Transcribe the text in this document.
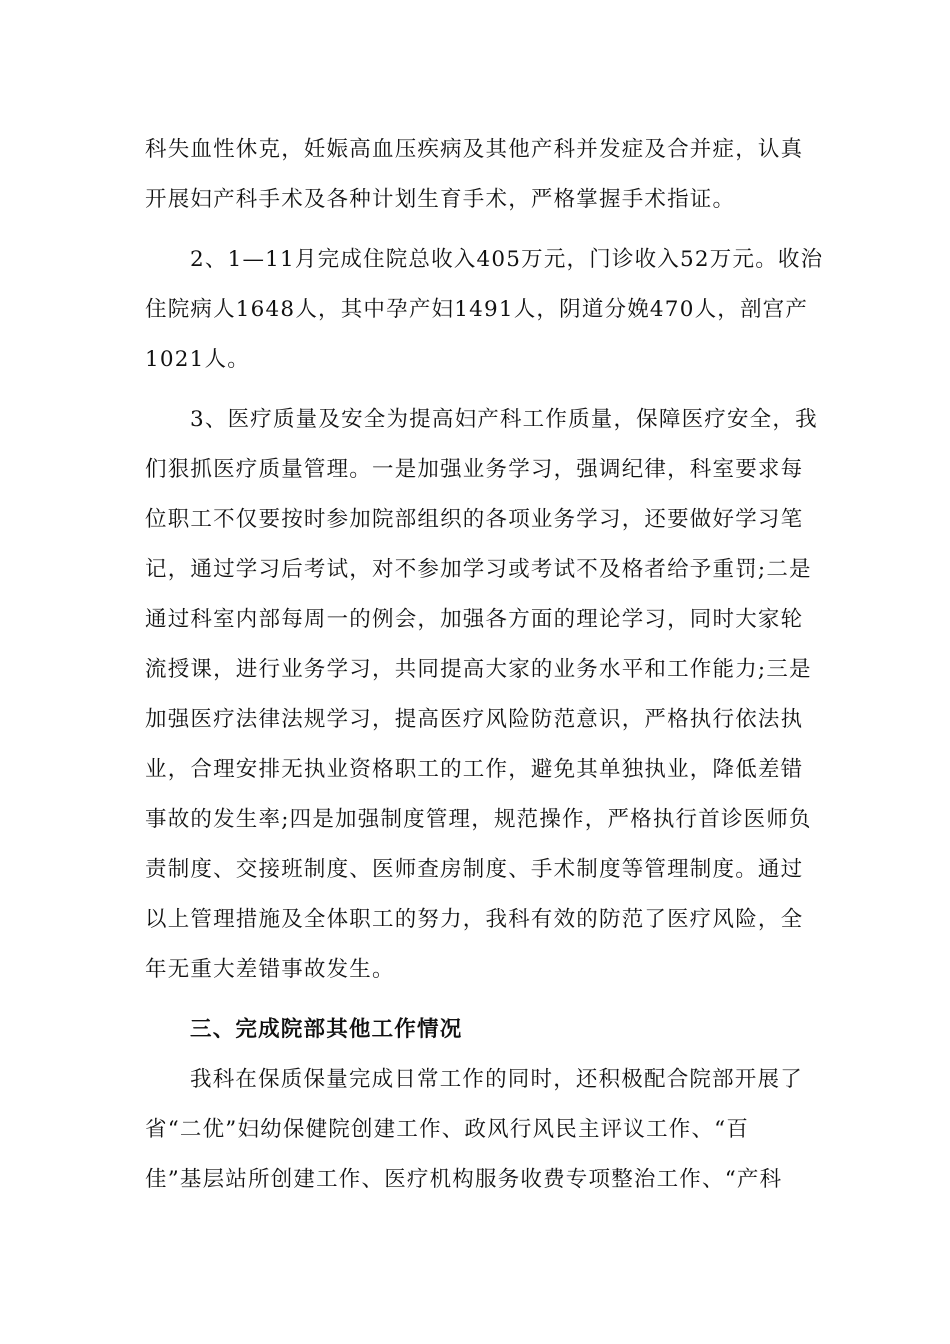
科失血性休克，妊娠高血压疾病及其他产科并发症及合并症，认真
开展妇产科手术及各种计划生育手术，严格掌握手术指证。
2、1—11月完成住院总收入405万元，门诊收入52万元。收治
住院病人1648人，其中孕产妇1491人，阴道分娩470人，剖宫产
1021人。
3、医疗质量及安全为提高妇产科工作质量，保障医疗安全，我
们狠抓医疗质量管理。一是加强业务学习，强调纪律，科室要求每
位职工不仅要按时参加院部组织的各项业务学习，还要做好学习笔
记，通过学习后考试，对不参加学习或考试不及格者给予重罚;二是
通过科室内部每周一的例会，加强各方面的理论学习，同时大家轮
流授课，进行业务学习，共同提高大家的业务水平和工作能力;三是
加强医疗法律法规学习，提高医疗风险防范意识，严格执行依法执
业，合理安排无执业资格职工的工作，避免其单独执业，降低差错
事故的发生率;四是加强制度管理，规范操作，严格执行首诊医师负
责制度、交接班制度、医师查房制度、手术制度等管理制度。通过
以上管理措施及全体职工的努力，我科有效的防范了医疗风险，全
年无重大差错事故发生。
三、完成院部其他工作情况
我科在保质保量完成日常工作的同时，还积极配合院部开展了
省“二优”妇幼保健院创建工作、政风行风民主评议工作、“百
佳”基层站所创建工作、医疗机构服务收费专项整治工作、“产科
